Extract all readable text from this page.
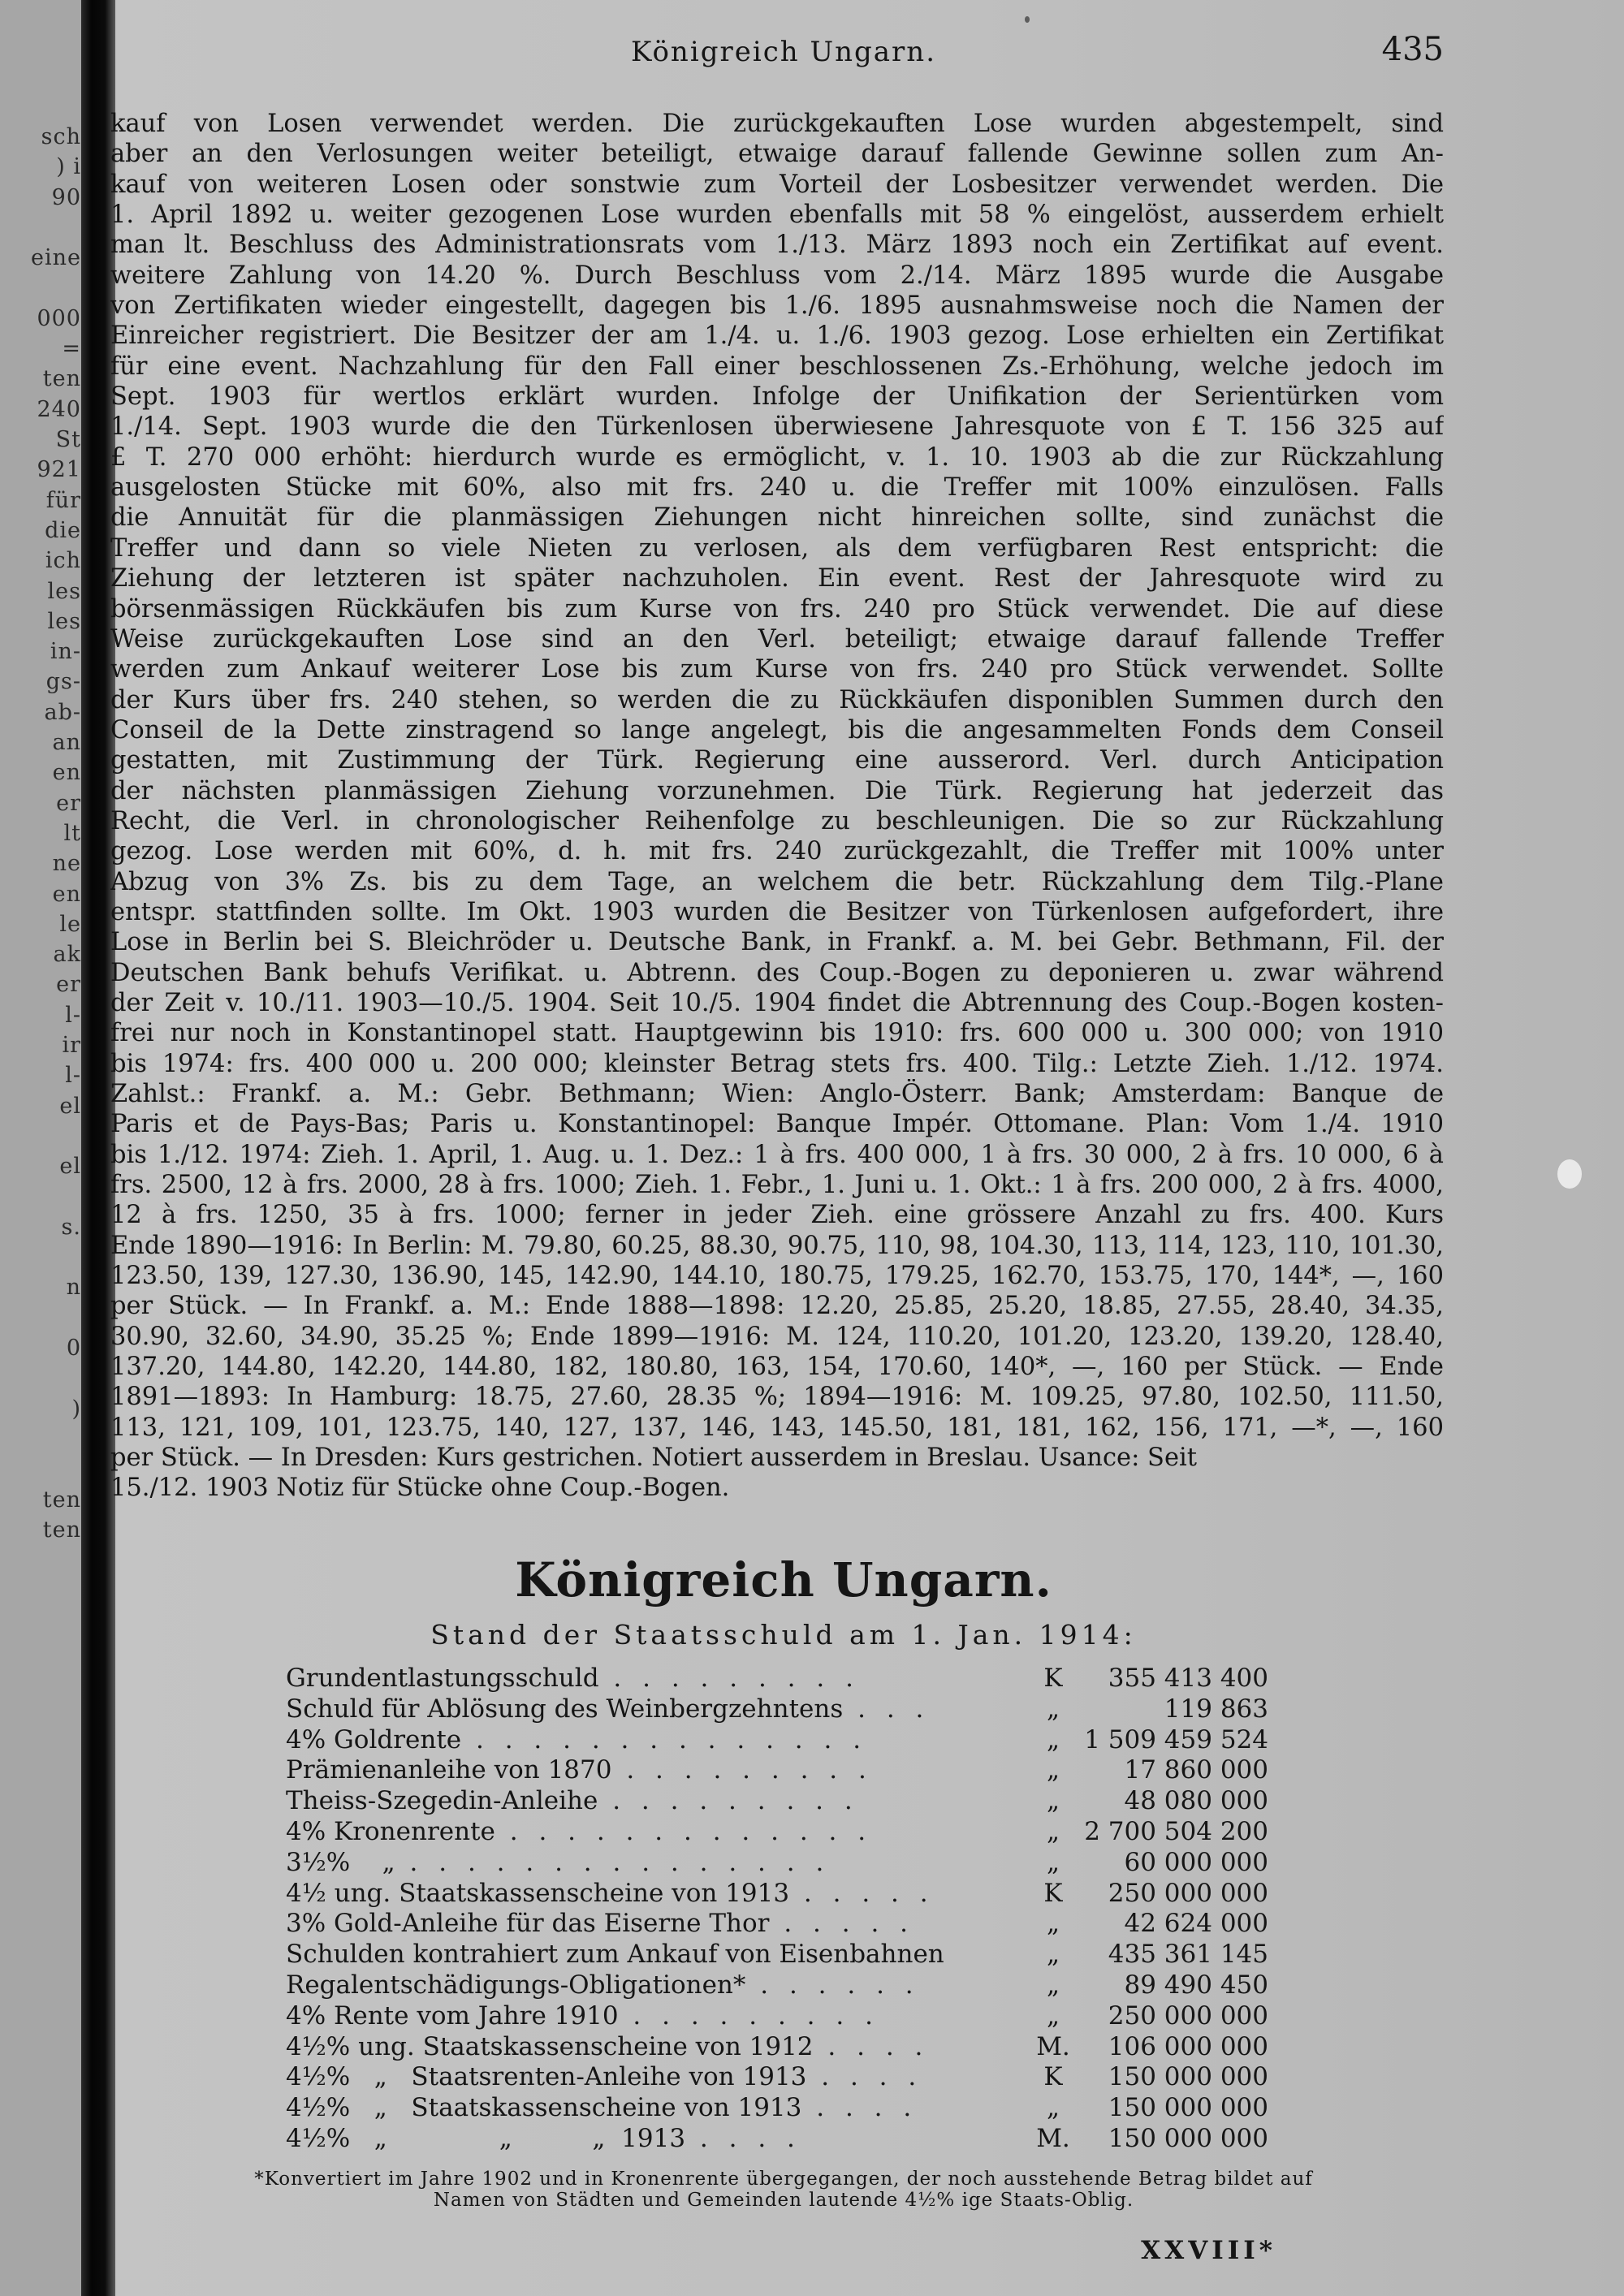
sch
) i
90
eine
000
=
ten
240
St
921
für
die
ich
les
les
in-
gs-
ab-
an
en
er
lt
ne
en
le
ak
er
l-
ir
l-
el
el
s.
n
0
)
ten
ten
Königreich Ungarn.	435
kauf von Losen verwendet werden. Die zurückgekauften Lose wurden abgestempelt, sind
aber an den Verlosungen weiter beteiligt, etwaige darauf fallende Gewinne sollen zum An-
kauf von weiteren Losen oder sonstwie zum Vorteil der Losbesitzer verwendet werden. Die
1. April 1892 u. weiter gezogenen Lose wurden ebenfalls mit 58 % eingelöst, ausserdem erhielt
man lt. Beschluss des Administrationsrats vom 1./13. März 1893 noch ein Zertifikat auf event.
weitere Zahlung von 14.20 %. Durch Beschluss vom 2./14. März 1895 wurde die Ausgabe
von Zertifikaten wieder eingestellt, dagegen bis 1./6. 1895 ausnahmsweise noch die Namen der
Einreicher registriert. Die Besitzer der am 1./4. u. 1./6. 1903 gezog. Lose erhielten ein Zertifikat
für eine event. Nachzahlung für den Fall einer beschlossenen Zs.-Erhöhung, welche jedoch im
Sept. 1903 für wertlos erklärt wurden. Infolge der Unifikation der Serientürken vom
1./14. Sept. 1903 wurde die den Türkenlosen überwiesene Jahresquote von £ T. 156 325 auf
£ T. 270 000 erhöht: hierdurch wurde es ermöglicht, v. 1. 10. 1903 ab die zur Rückzahlung
ausgelosten Stücke mit 60%, also mit frs. 240 u. die Treffer mit 100% einzulösen. Falls
die Annuität für die planmässigen Ziehungen nicht hinreichen sollte, sind zunächst die
Treffer und dann so viele Nieten zu verlosen, als dem verfügbaren Rest entspricht: die
Ziehung der letzteren ist später nachzuholen. Ein event. Rest der Jahresquote wird zu
börsenmässigen Rückkäufen bis zum Kurse von frs. 240 pro Stück verwendet. Die auf diese
Weise zurückgekauften Lose sind an den Verl. beteiligt; etwaige darauf fallende Treffer
werden zum Ankauf weiterer Lose bis zum Kurse von frs. 240 pro Stück verwendet. Sollte
der Kurs über frs. 240 stehen, so werden die zu Rückkäufen disponiblen Summen durch den
Conseil de la Dette zinstragend so lange angelegt, bis die angesammelten Fonds dem Conseil
gestatten, mit Zustimmung der Türk. Regierung eine ausserord. Verl. durch Anticipation
der nächsten planmässigen Ziehung vorzunehmen. Die Türk. Regierung hat jederzeit das
Recht, die Verl. in chronologischer Reihenfolge zu beschleunigen. Die so zur Rückzahlung
gezog. Lose werden mit 60%, d. h. mit frs. 240 zurückgezahlt, die Treffer mit 100% unter
Abzug von 3% Zs. bis zu dem Tage, an welchem die betr. Rückzahlung dem Tilg.-Plane
entspr. stattfinden sollte. Im Okt. 1903 wurden die Besitzer von Türkenlosen aufgefordert, ihre
Lose in Berlin bei S. Bleichröder u. Deutsche Bank, in Frankf. a. M. bei Gebr. Bethmann, Fil. der
Deutschen Bank behufs Verifikat. u. Abtrenn. des Coup.-Bogen zu deponieren u. zwar während
der Zeit v. 10./11. 1903—10./5. 1904. Seit 10./5. 1904 findet die Abtrennung des Coup.-Bogen kosten-
frei nur noch in Konstantinopel statt. Hauptgewinn bis 1910: frs. 600 000 u. 300 000; von 1910
bis 1974: frs. 400 000 u. 200 000; kleinster Betrag stets frs. 400. Tilg.: Letzte Zieh. 1./12. 1974.
Zahlst.: Frankf. a. M.: Gebr. Bethmann; Wien: Anglo-Österr. Bank; Amsterdam: Banque de
Paris et de Pays-Bas; Paris u. Konstantinopel: Banque Impér. Ottomane. Plan: Vom 1./4. 1910
bis 1./12. 1974: Zieh. 1. April, 1. Aug. u. 1. Dez.: 1 à frs. 400 000, 1 à frs. 30 000, 2 à frs. 10 000, 6 à
frs. 2500, 12 à frs. 2000, 28 à frs. 1000; Zieh. 1. Febr., 1. Juni u. 1. Okt.: 1 à frs. 200 000, 2 à frs. 4000,
12 à frs. 1250, 35 à frs. 1000; ferner in jeder Zieh. eine grössere Anzahl zu frs. 400. Kurs
Ende 1890—1916: In Berlin: M. 79.80, 60.25, 88.30, 90.75, 110, 98, 104.30, 113, 114, 123, 110, 101.30,
123.50, 139, 127.30, 136.90, 145, 142.90, 144.10, 180.75, 179.25, 162.70, 153.75, 170, 144*, —, 160
per Stück. — In Frankf. a. M.: Ende 1888—1898: 12.20, 25.85, 25.20, 18.85, 27.55, 28.40, 34.35,
30.90, 32.60, 34.90, 35.25 %; Ende 1899—1916: M. 124, 110.20, 101.20, 123.20, 139.20, 128.40,
137.20, 144.80, 142.20, 144.80, 182, 180.80, 163, 154, 170.60, 140*, —, 160 per Stück. — Ende
1891—1893: In Hamburg: 18.75, 27.60, 28.35 %; 1894—1916: M. 109.25, 97.80, 102.50, 111.50,
113, 121, 109, 101, 123.75, 140, 127, 137, 146, 143, 145.50, 181, 181, 162, 156, 171, —*, —, 160
per Stück. — In Dresden: Kurs gestrichen. Notiert ausserdem in Breslau. Usance: Seit
15./12. 1903 Notiz für Stücke ohne Coup.-Bogen.
Königreich Ungarn.
Stand der Staatsschuld am 1. Jan. 1914:
Grundentlastungsschuld . . . . . . . . .	K	355 413 400
Schuld für Ablösung des Weinbergzehntens . . .	„	119 863
4% Goldrente . . . . . . . . . . . . . .	„	1 509 459 524
Prämienanleihe von 1870 . . . . . . . . .	„	17 860 000
Theiss-Szegedin-Anleihe . . . . . . . . .	„	48 080 000
4% Kronenrente . . . . . . . . . . . . .	„	2 700 504 200
3½%    „ . . . . . . . . . . . . . . .	„	60 000 000
4½ ung. Staatskassenscheine von 1913 . . . . .	K	250 000 000
3% Gold-Anleihe für das Eiserne Thor . . . . .	„	42 624 000
Schulden kontrahiert zum Ankauf von Eisenbahnen	„	435 361 145
Regalentschädigungs-Obligationen* . . . . . .	„	89 490 450
4% Rente vom Jahre 1910 . . . . . . . . .	„	250 000 000
4½% ung. Staatskassenscheine von 1912 . . . .	M.	106 000 000
4½%   „   Staatsrenten-Anleihe von 1913 . . . .	K	150 000 000
4½%   „   Staatskassenscheine von 1913 . . . .	„	150 000 000
4½%   „              „          „  1913 . . . .	M.	150 000 000
*Konvertiert im Jahre 1902 und in Kronenrente übergegangen, der noch ausstehende Betrag bildet auf
Namen von Städten und Gemeinden lautende 4½% ige Staats-Oblig.
XXVIII*
